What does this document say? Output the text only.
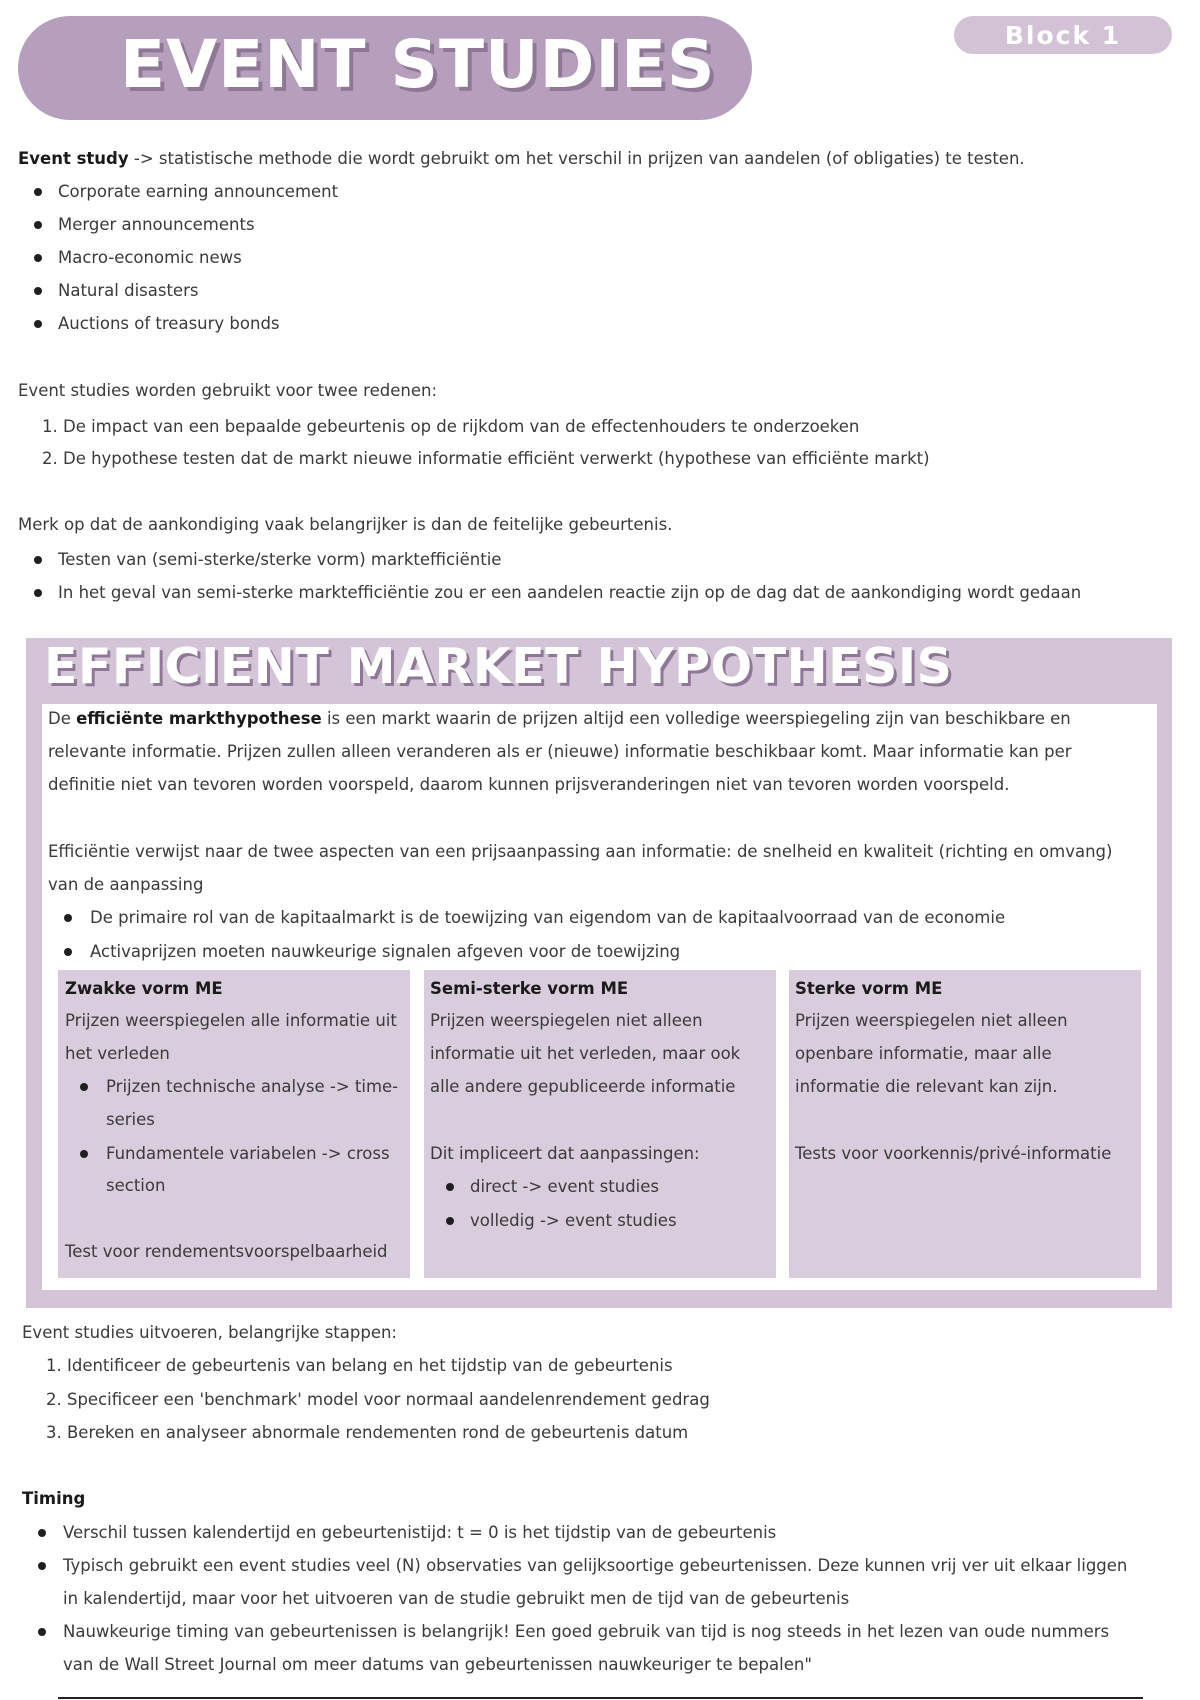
EVENT STUDIES	Block 1
Event study -> statistische methode die wordt gebruikt om het verschil in prijzen van aandelen (of obligaties) te testen.
Corporate earning announcement
Merger announcements
Macro-economic news
Natural disasters
Auctions of treasury bonds
Event studies worden gebruikt voor twee redenen:
1. De impact van een bepaalde gebeurtenis op de rijkdom van de effectenhouders te onderzoeken
2. De hypothese testen dat de markt nieuwe informatie efficiënt verwerkt (hypothese van efficiënte markt)
Merk op dat de aankondiging vaak belangrijker is dan de feitelijke gebeurtenis.
Testen van (semi-sterke/sterke vorm) marktefficiëntie
In het geval van semi-sterke marktefficiëntie zou er een aandelen reactie zijn op de dag dat de aankondiging wordt gedaan
EFFICIENT MARKET HYPOTHESIS
De efficiënte markthypothese is een markt waarin de prijzen altijd een volledige weerspiegeling zijn van beschikbare en
relevante informatie. Prijzen zullen alleen veranderen als er (nieuwe) informatie beschikbaar komt. Maar informatie kan per
definitie niet van tevoren worden voorspeld, daarom kunnen prijsveranderingen niet van tevoren worden voorspeld.
Efficiëntie verwijst naar de twee aspecten van een prijsaanpassing aan informatie: de snelheid en kwaliteit (richting en omvang)
van de aanpassing
De primaire rol van de kapitaalmarkt is de toewijzing van eigendom van de kapitaalvoorraad van de economie
Activaprijzen moeten nauwkeurige signalen afgeven voor de toewijzing
Zwakke vorm ME
Prijzen weerspiegelen alle informatie uit
het verleden
Prijzen technische analyse -> time-
series
Fundamentele variabelen -> cross
section
Test voor rendementsvoorspelbaarheid
Semi-sterke vorm ME
Prijzen weerspiegelen niet alleen
informatie uit het verleden, maar ook
alle andere gepubliceerde informatie
Dit impliceert dat aanpassingen:
direct -> event studies
volledig -> event studies
Sterke vorm ME
Prijzen weerspiegelen niet alleen
openbare informatie, maar alle
informatie die relevant kan zijn.
Tests voor voorkennis/privé-informatie
Event studies uitvoeren, belangrijke stappen:
1. Identificeer de gebeurtenis van belang en het tijdstip van de gebeurtenis
2. Specificeer een 'benchmark' model voor normaal aandelenrendement gedrag
3. Bereken en analyseer abnormale rendementen rond de gebeurtenis datum
Timing
Verschil tussen kalendertijd en gebeurtenistijd: t = 0 is het tijdstip van de gebeurtenis
Typisch gebruikt een event studies veel (N) observaties van gelijksoortige gebeurtenissen. Deze kunnen vrij ver uit elkaar liggen
in kalendertijd, maar voor het uitvoeren van de studie gebruikt men de tijd van de gebeurtenis
Nauwkeurige timing van gebeurtenissen is belangrijk! Een goed gebruik van tijd is nog steeds in het lezen van oude nummers
van de Wall Street Journal om meer datums van gebeurtenissen nauwkeuriger te bepalen"
